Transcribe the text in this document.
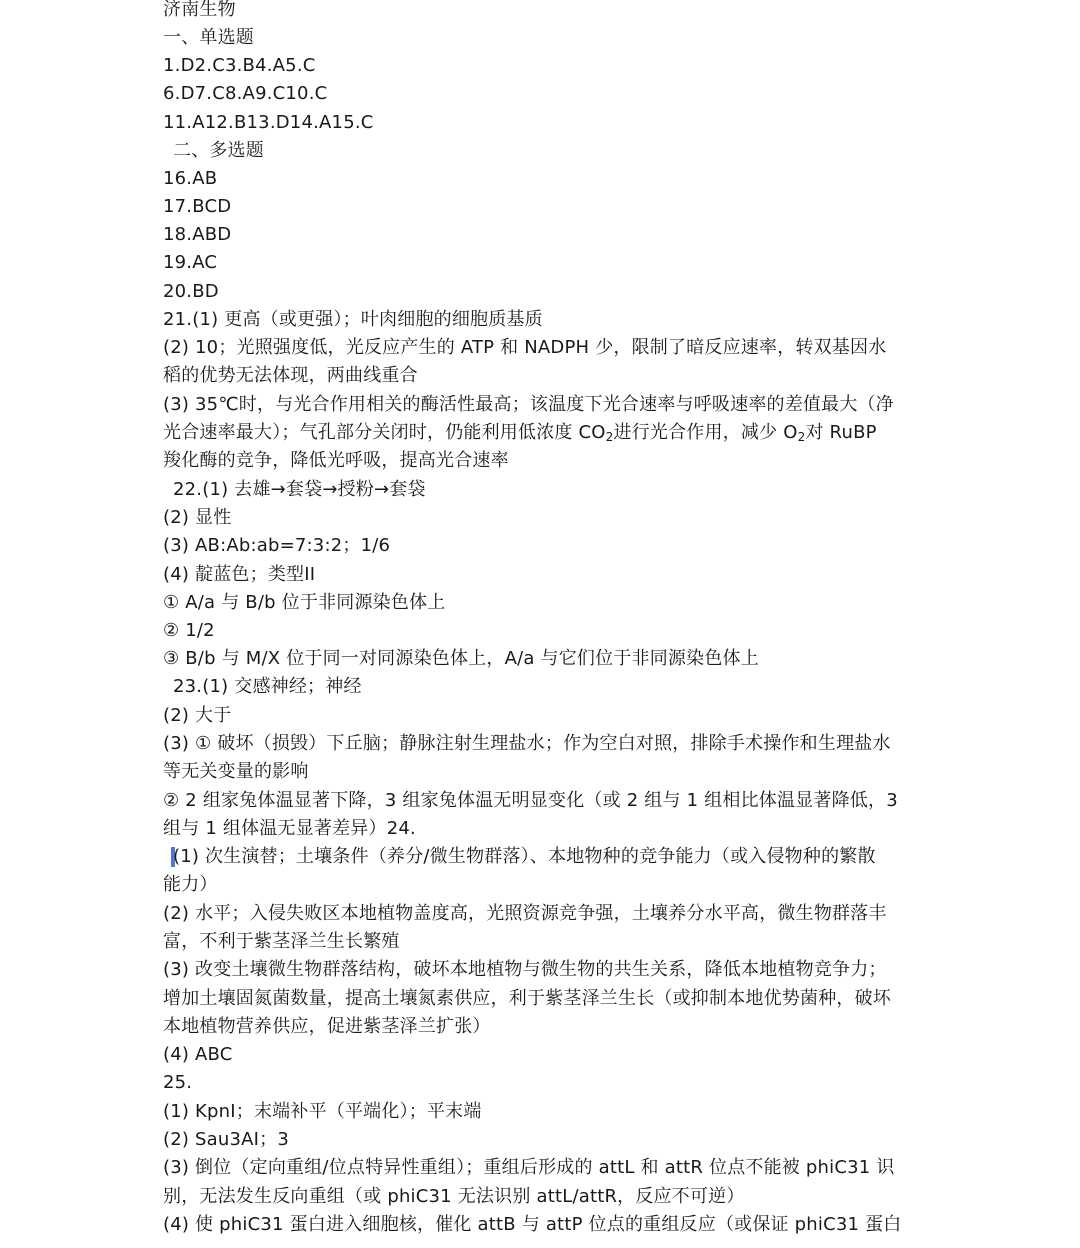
济南生物
一、单选题
1.D2.C3.B4.A5.C
6.D7.C8.A9.C10.C
11.A12.B13.D14.A15.C
二、多选题
16.AB
17.BCD
18.ABD
19.AC
20.BD
21.(1) 更高（或更强）；叶肉细胞的细胞质基质
(2) 10；光照强度低，光反应产生的 ATP 和 NADPH 少，限制了暗反应速率，转双基因水
稻的优势无法体现，两曲线重合
(3) 35℃时，与光合作用相关的酶活性最高；该温度下光合速率与呼吸速率的差值最大（净
光合速率最大）；气孔部分关闭时，仍能利用低浓度 $CO_2$进行光合作用，减少 $O_2$对 RuBP
羧化酶的竞争，降低光呼吸，提高光合速率
22.(1) 去雄→套袋→授粉→套袋
(2) 显性
(3) AB:Ab:ab=7:3:2；1/6
(4) 靛蓝色；类型II
① A/a 与 B/b 位于非同源染色体上
② 1/2
③ B/b 与 M/X 位于同一对同源染色体上，A/a 与它们位于非同源染色体上
23.(1) 交感神经；神经
(2) 大于
(3) ① 破坏（损毁）下丘脑；静脉注射生理盐水；作为空白对照，排除手术操作和生理盐水
等无关变量的影响
② 2 组家兔体温显著下降，3 组家兔体温无明显变化（或 2 组与 1 组相比体温显著降低，3
组与 1 组体温无显著差异）24.
(1) 次生演替；土壤条件（养分/微生物群落）、本地物种的竞争能力（或入侵物种的繁散
能力）
(2) 水平；入侵失败区本地植物盖度高，光照资源竞争强，土壤养分水平高，微生物群落丰
富，不利于紫茎泽兰生长繁殖
(3) 改变土壤微生物群落结构，破坏本地植物与微生物的共生关系，降低本地植物竞争力；
增加土壤固氮菌数量，提高土壤氮素供应，利于紫茎泽兰生长（或抑制本地优势菌种，破坏
本地植物营养供应，促进紫茎泽兰扩张）
(4) ABC
25.
(1) KpnI；末端补平（平端化）；平末端
(2) Sau3AI；3
(3) 倒位（定向重组/位点特异性重组）；重组后形成的 attL 和 attR 位点不能被 phiC31 识
别，无法发生反向重组（或 phiC31 无法识别 attL/attR，反应不可逆）
(4) 使 phiC31 蛋白进入细胞核，催化 attB 与 attP 位点的重组反应（或保证 phiC31 蛋白
